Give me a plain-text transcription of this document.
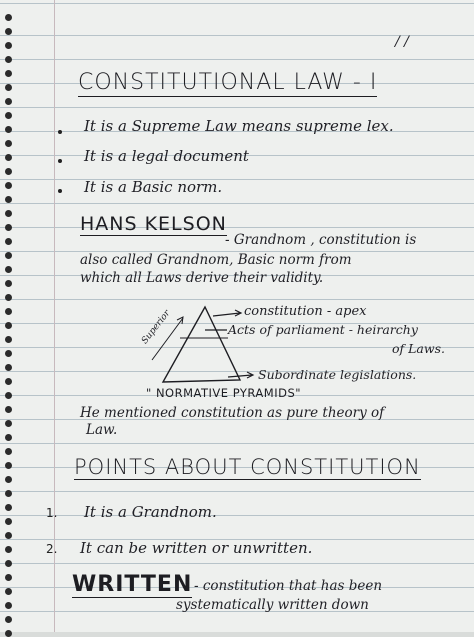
/ /
CONSTITUTIONAL LAW - I
It is a Supreme Law means supreme lex.
It is a legal document
It is a Basic norm.
HANS KELSON
- Grandnom , constitution is
also called Grandnom, Basic norm from
which all Laws derive their validity.
constitution - apex
Acts of parliament - heirarchy
of Laws.
Subordinate legislations.
Superior
" NORMATIVE PYRAMIDS"
He mentioned constitution as pure theory of
Law.
POINTS ABOUT CONSTITUTION
1. It is a Grandnom.
2. It can be written or unwritten.
WRITTEN - constitution that has been
systematically written down
